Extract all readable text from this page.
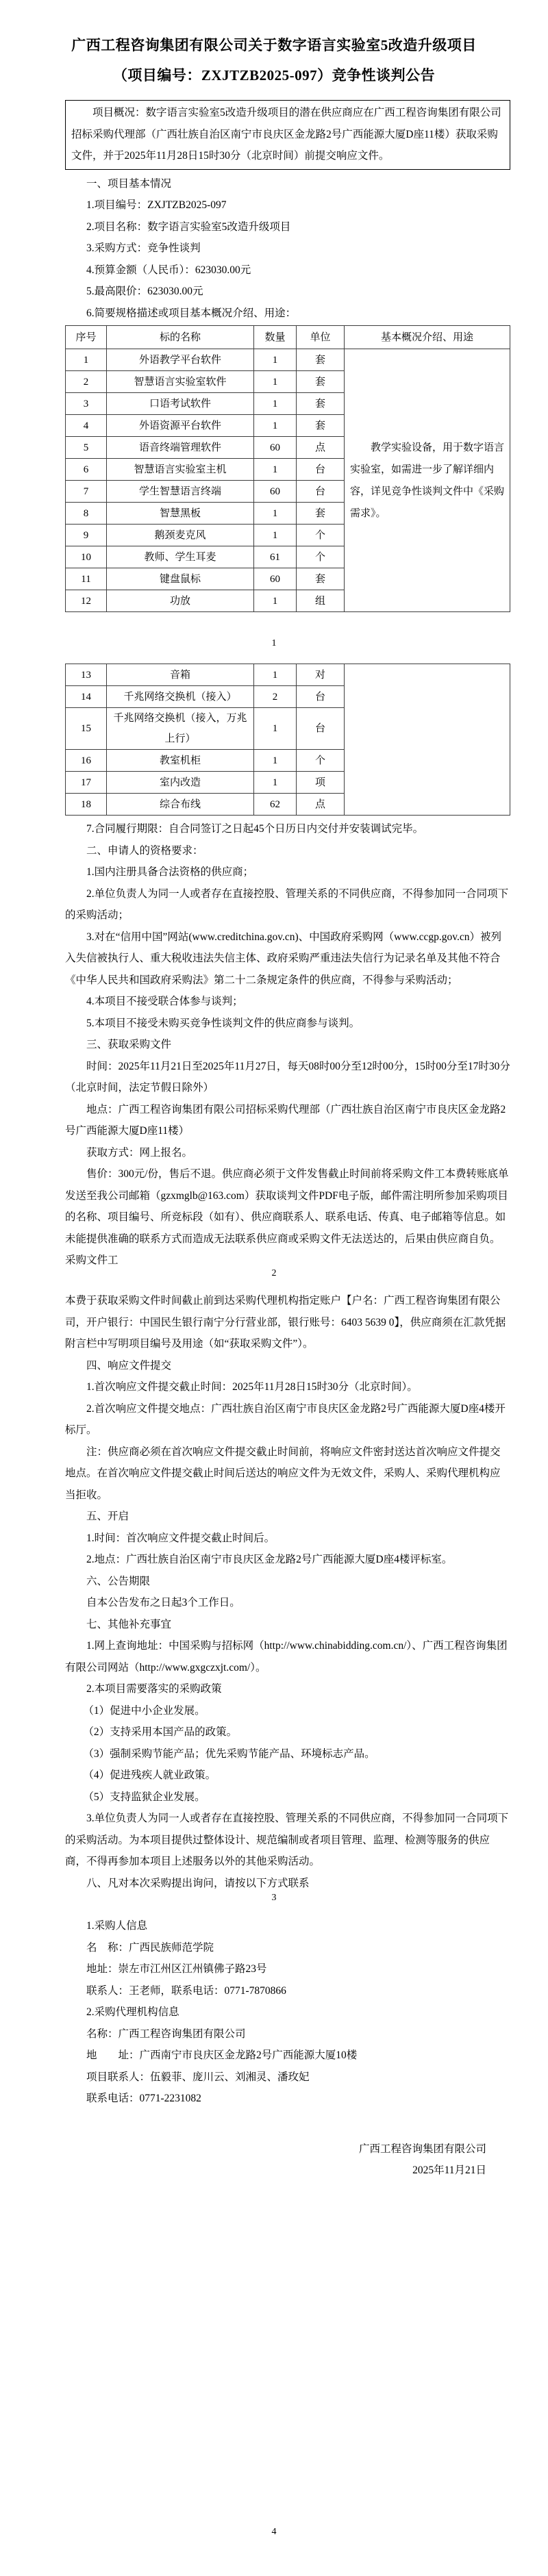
广西工程咨询集团有限公司关于数字语言实验室5改造升级项目
（项目编号：ZXJTZB2025-097）竞争性谈判公告
项目概况：数字语言实验室5改造升级项目的潜在供应商应在广西工程咨询集团有限公司招标采购代理部（广西壮族自治区南宁市良庆区金龙路2号广西能源大厦D座11楼）获取采购文件，并于2025年11月28日15时30分（北京时间）前提交响应文件。
一、项目基本情况
1.项目编号：ZXJTZB2025-097
2.项目名称：数字语言实验室5改造升级项目
3.采购方式：竞争性谈判
4.预算金额（人民币）：623030.00元
5.最高限价：623030.00元
6.简要规格描述或项目基本概况介绍、用途：
序号	标的名称	数量	单位	基本概况介绍、用途
1	外语教学平台软件	1	套	教学实验设备，用于数字语言实验室，如需进一步了解详细内容，详见竞争性谈判文件中《采购需求》。
2	智慧语言实验室软件	1	套	
3	口语考试软件	1	套	
4	外语资源平台软件	1	套	
5	语音终端管理软件	60	点	
6	智慧语言实验室主机	1	台	
7	学生智慧语言终端	60	台	
8	智慧黑板	1	套	
9	鹅颈麦克风	1	个	
10	教师、学生耳麦	61	个	
11	键盘鼠标	60	套	
12	功放	1	组	
1
13	音箱	1	对	
14	千兆网络交换机（接入）	2	台	
15	千兆网络交换机（接入，万兆上行）	1	台	
16	教室机柜	1	个	
17	室内改造	1	项	
18	综合布线	62	点	
7.合同履行期限：自合同签订之日起45个日历日内交付并安装调试完毕。
二、申请人的资格要求：
1.国内注册具备合法资格的供应商；
2.单位负责人为同一人或者存在直接控股、管理关系的不同供应商，不得参加同一合同项下的采购活动；
3.对在“信用中国”网站(www.creditchina.gov.cn)、中国政府采购网（www.ccgp.gov.cn）被列入失信被执行人、重大税收违法失信主体、政府采购严重违法失信行为记录名单及其他不符合《中华人民共和国政府采购法》第二十二条规定条件的供应商，不得参与采购活动；
4.本项目不接受联合体参与谈判；
5.本项目不接受未购买竞争性谈判文件的供应商参与谈判。
三、获取采购文件
时间：2025年11月21日至2025年11月27日，每天08时00分至12时00分，15时00分至17时30分（北京时间，法定节假日除外）
地点：广西工程咨询集团有限公司招标采购代理部（广西壮族自治区南宁市良庆区金龙路2号广西能源大厦D座11楼）
获取方式：网上报名。
售价：300元/份，售后不退。供应商必须于文件发售截止时间前将采购文件工本费转账底单发送至我公司邮箱（gzxmglb@163.com）获取谈判文件PDF电子版，邮件需注明所参加采购项目的名称、项目编号、所竞标段（如有）、供应商联系人、联系电话、传真、电子邮箱等信息。如未能提供准确的联系方式而造成无法联系供应商或采购文件无法送达的，后果由供应商自负。采购文件工
2
本费于获取采购文件时间截止前到达采购代理机构指定账户【户名：广西工程咨询集团有限公司，开户银行：中国民生银行南宁分行营业部，银行账号：6403 5639 0】，供应商须在汇款凭据附言栏中写明项目编号及用途（如“获取采购文件”）。
四、响应文件提交
1.首次响应文件提交截止时间：2025年11月28日15时30分（北京时间）。
2.首次响应文件提交地点：广西壮族自治区南宁市良庆区金龙路2号广西能源大厦D座4楼开标厅。
注：供应商必须在首次响应文件提交截止时间前，将响应文件密封送达首次响应文件提交地点。在首次响应文件提交截止时间后送达的响应文件为无效文件，采购人、采购代理机构应当拒收。
五、开启
1.时间：首次响应文件提交截止时间后。
2.地点：广西壮族自治区南宁市良庆区金龙路2号广西能源大厦D座4楼评标室。
六、公告期限
自本公告发布之日起3个工作日。
七、其他补充事宜
1.网上查询地址：中国采购与招标网（http://www.chinabidding.com.cn/）、广西工程咨询集团有限公司网站（http://www.gxgczxjt.com/）。
2.本项目需要落实的采购政策
（1）促进中小企业发展。
（2）支持采用本国产品的政策。
（3）强制采购节能产品；优先采购节能产品、环境标志产品。
（4）促进残疾人就业政策。
（5）支持监狱企业发展。
3.单位负责人为同一人或者存在直接控股、管理关系的不同供应商，不得参加同一合同项下的采购活动。为本项目提供过整体设计、规范编制或者项目管理、监理、检测等服务的供应商，不得再参加本项目上述服务以外的其他采购活动。
八、凡对本次采购提出询问，请按以下方式联系
3
1.采购人信息
名　称：广西民族师范学院
地址：崇左市江州区江州镇佛子路23号
联系人：王老师，联系电话：0771-7870866
2.采购代理机构信息
名称：广西工程咨询集团有限公司
地　　址：广西南宁市良庆区金龙路2号广西能源大厦10楼
项目联系人：伍毅菲、庞川云、刘湘灵、潘玫妃
联系电话：0771-2231082
广西工程咨询集团有限公司
2025年11月21日
4
